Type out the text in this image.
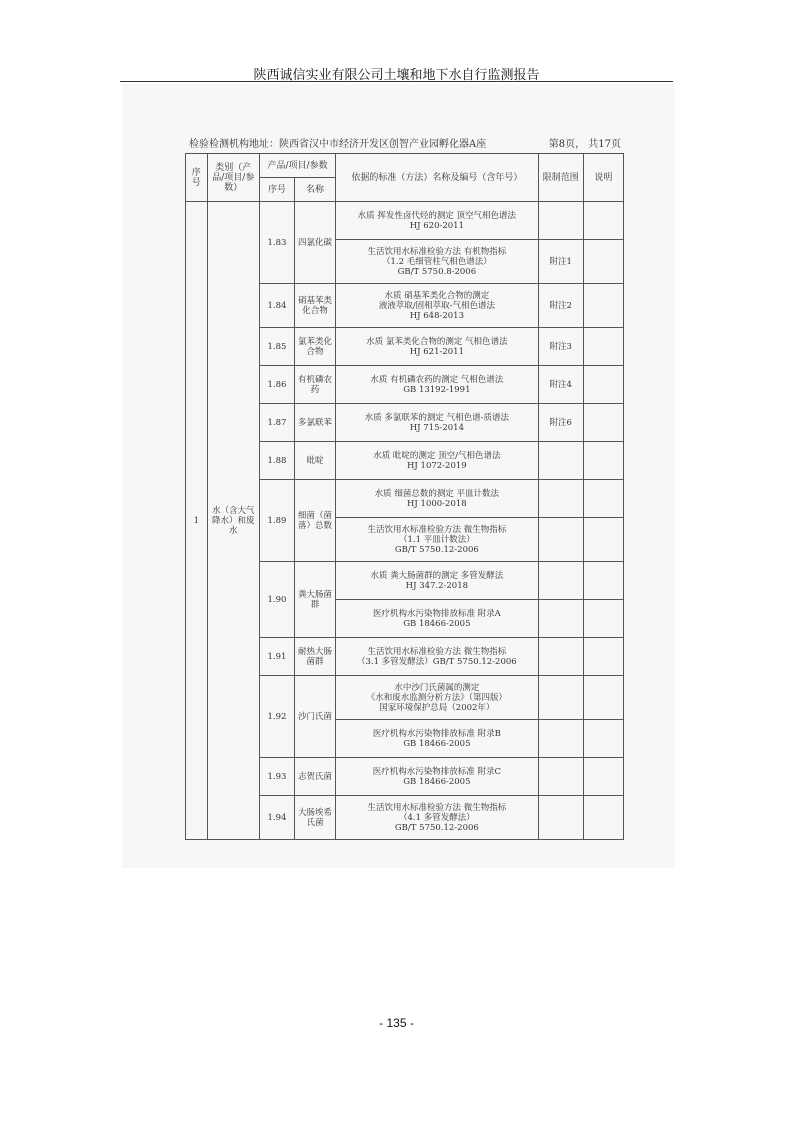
陕西诚信实业有限公司土壤和地下水自行监测报告
检验检测机构地址：陕西省汉中市经济开发区创智产业园孵化器A座	第8页， 共17页
序号	类别（产品/项目/参数）	产品/项目/参数		依据的标准（方法）名称及编号（含年号）	限制范围	说明
		序号	名称			
1	水（含大气降水）和废水	1.83	四氯化碳	水质 挥发性卤代烃的测定 顶空气相色谱法
HJ 620-2011		

				生活饮用水标准检验方法 有机物指标
（1.2 毛细管柱气相色谱法）
GB/T 5750.8-2006	附注1	
		1.84	硝基苯类化合物	水质 硝基苯类化合物的测定
液液萃取/固相萃取-气相色谱法
HJ 648-2013	附注2	
		1.85	氯苯类化合物	水质 氯苯类化合物的测定 气相色谱法
HJ 621-2011	附注3	
		1.86	有机磷农药	水质 有机磷农药的测定 气相色谱法
GB 13192-1991	附注4	
		1.87	多氯联苯	水质 多氯联苯的测定 气相色谱-质谱法
HJ 715-2014	附注6	
		1.88	吡啶	水质 吡啶的测定 顶空/气相色谱法
HJ 1072-2019		

		1.89	细菌（菌落）总数	水质 细菌总数的测定 平皿计数法
HJ 1000-2018		

				生活饮用水标准检验方法 微生物指标
（1.1 平皿计数法）
GB/T 5750.12-2006		

		1.90	粪大肠菌群	水质 粪大肠菌群的测定 多管发酵法
HJ 347.2-2018		

				医疗机构水污染物排放标准 附录A
GB 18466-2005		

		1.91	耐热大肠菌群	生活饮用水标准检验方法 微生物指标
（3.1 多管发酵法）GB/T 5750.12-2006		

		1.92	沙门氏菌	水中沙门氏菌属的测定
《水和废水监测分析方法》（第四版）
国家环境保护总局（2002年）		

				医疗机构水污染物排放标准 附录B
GB 18466-2005		

		1.93	志贺氏菌	医疗机构水污染物排放标准 附录C
GB 18466-2005		

		1.94	大肠埃希氏菌	生活饮用水标准检验方法 微生物指标
（4.1 多管发酵法）
GB/T 5750.12-2006		

- 135 -
